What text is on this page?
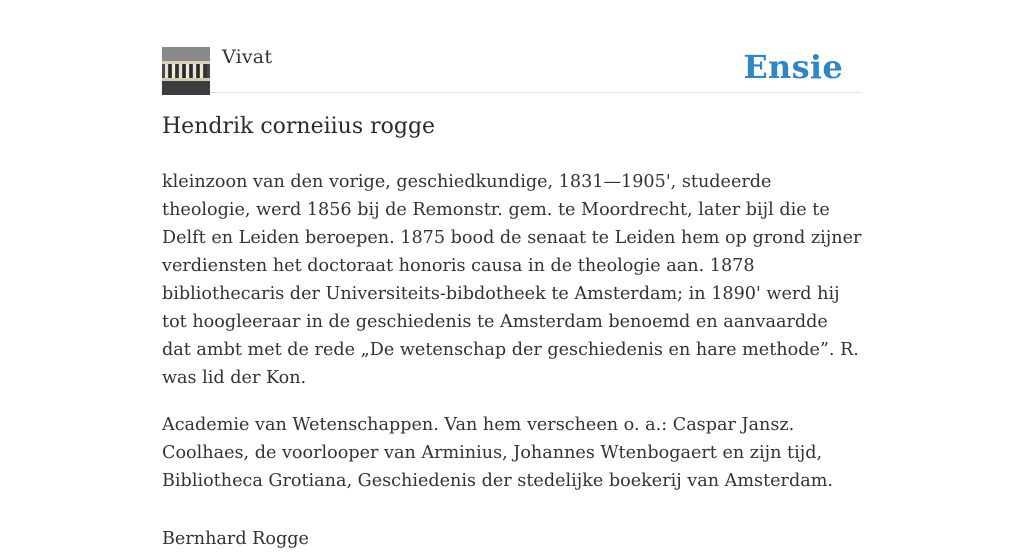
Vivat	Ensie
Hendrik corneiius rogge

kleinzoon van den vorige, geschiedkundige, 1831—1905', studeerde theologie, werd 1856 bij de Remonstr. gem. te Moordrecht, later bijl die te Delft en Leiden beroepen. 1875 bood de senaat te Leiden hem op grond zijner verdiensten het doctoraat honoris causa in de theologie aan. 1878 bibliothecaris der Universiteits-bibdotheek te Amsterdam; in 1890' werd hij tot hoogleeraar in de geschiedenis te Amsterdam benoemd en aanvaardde dat ambt met de rede „De wetenschap der geschiedenis en hare methode”. R. was lid der Kon.

Academie van Wetenschappen. Van hem verscheen o. a.: Caspar Jansz. Coolhaes, de voorlooper van Arminius, Johannes Wtenbogaert en zijn tijd, Bibliotheca Grotiana, Geschiedenis der stedelijke boekerij van Amsterdam.

Bernhard Rogge
